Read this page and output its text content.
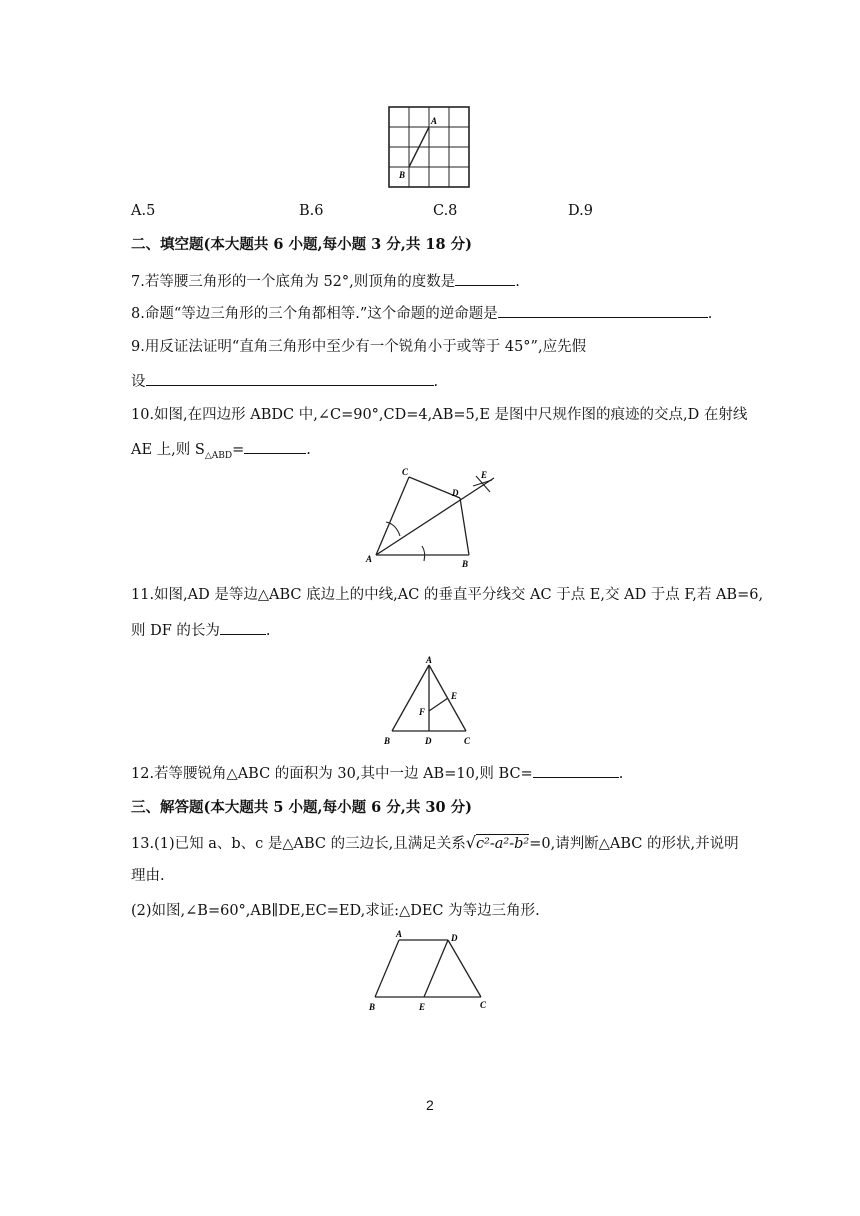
A
B
A.5	B.6	C.8	D.9
二、填空题(本大题共 6 小题,每小题 3 分,共 18 分)
7.若等腰三角形的一个底角为 52°,则顶角的度数是	.
8.命题“等边三角形的三个角都相等.”这个命题的逆命题是	.
9.用反证法证明“直角三角形中至少有一个锐角小于或等于 45°”,应先假
设	.
10.如图,在四边形 ABDC 中,∠C=90°,CD=4,AB=5,E 是图中尺规作图的痕迹的交点,D 在射线
AE 上,则 $S_{\triangle ABD}=$	.
C
D
E
A	B
11.如图,AD 是等边△ABC 底边上的中线,AC 的垂直平分线交 AC 于点 E,交 AD 于点 F,若 AB=6,
则 DF 的长为	.
A
E
F
B	D	C
12.若等腰锐角△ABC 的面积为 30,其中一边 AB=10,则 BC=	.
三、解答题(本大题共 5 小题,每小题 6 分,共 30 分)
13.(1)已知 a、b、c 是△ABC 的三边长,且满足关系√c²-a²-b²=0,请判断△ABC 的形状,并说明
理由.
(2)如图,∠B=60°,AB∥DE,EC=ED,求证:△DEC 为等边三角形.
A	D
B	E	C
2
